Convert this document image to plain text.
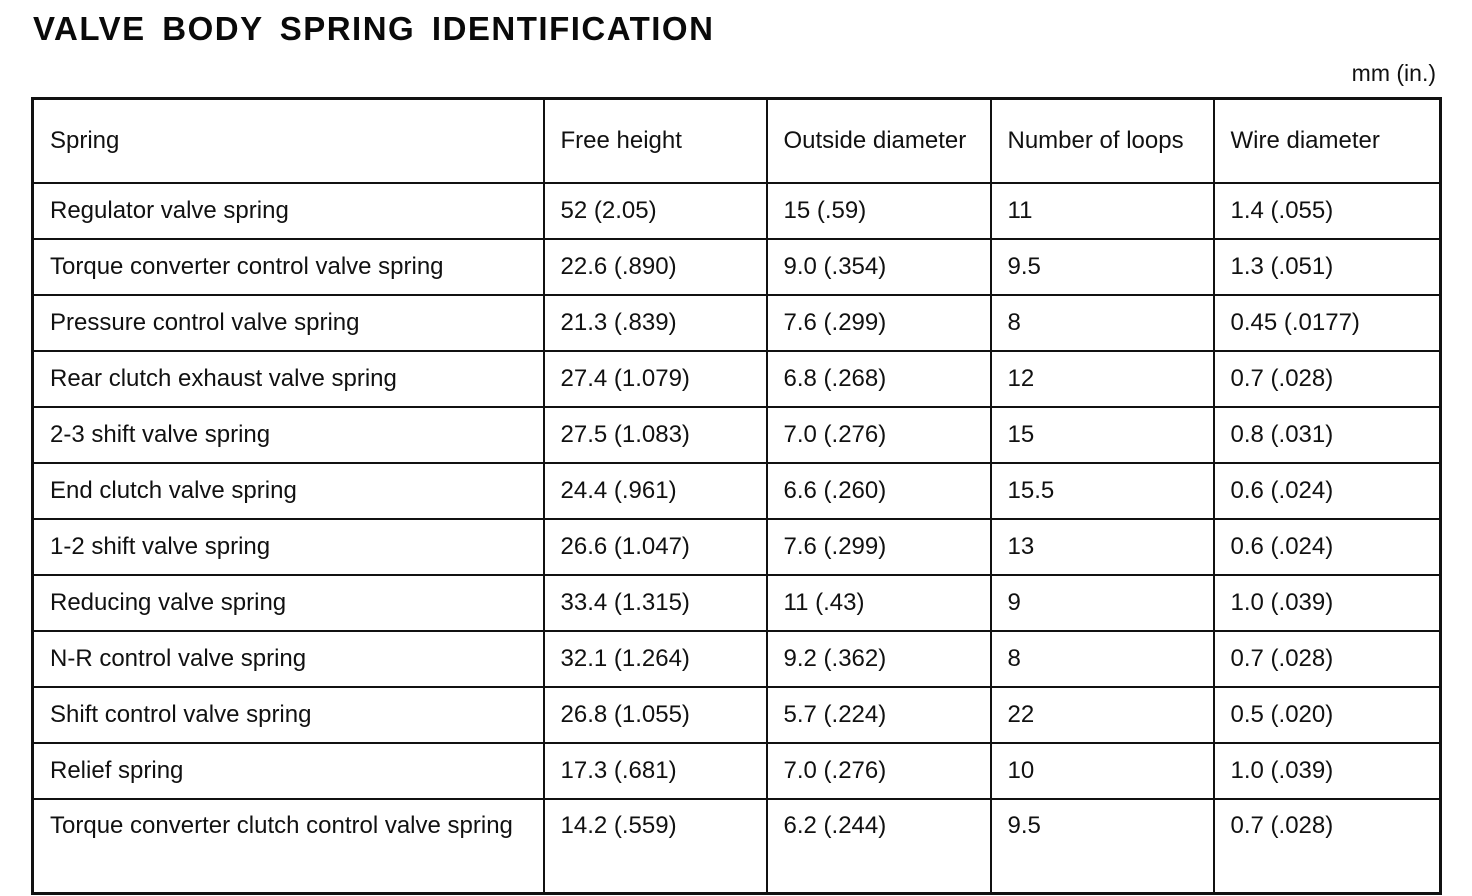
VALVE BODY SPRING IDENTIFICATION
mm (in.)
Spring	Free height	Outside diameter	Number of loops	Wire diameter
Regulator valve spring	52 (2.05)	15 (.59)	11	1.4 (.055)
Torque converter control valve spring	22.6 (.890)	9.0 (.354)	9.5	1.3 (.051)
Pressure control valve spring	21.3 (.839)	7.6 (.299)	8	0.45 (.0177)
Rear clutch exhaust valve spring	27.4 (1.079)	6.8 (.268)	12	0.7 (.028)
2-3 shift valve spring	27.5 (1.083)	7.0 (.276)	15	0.8 (.031)
End clutch valve spring	24.4 (.961)	6.6 (.260)	15.5	0.6 (.024)
1-2 shift valve spring	26.6 (1.047)	7.6 (.299)	13	0.6 (.024)
Reducing valve spring	33.4 (1.315)	11 (.43)	9	1.0 (.039)
N-R control valve spring	32.1 (1.264)	9.2 (.362)	8	0.7 (.028)
Shift control valve spring	26.8 (1.055)	5.7 (.224)	22	0.5 (.020)
Relief spring	17.3 (.681)	7.0 (.276)	10	1.0 (.039)
Torque converter clutch control valve spring	14.2 (.559)	6.2 (.244)	9.5	0.7 (.028)
